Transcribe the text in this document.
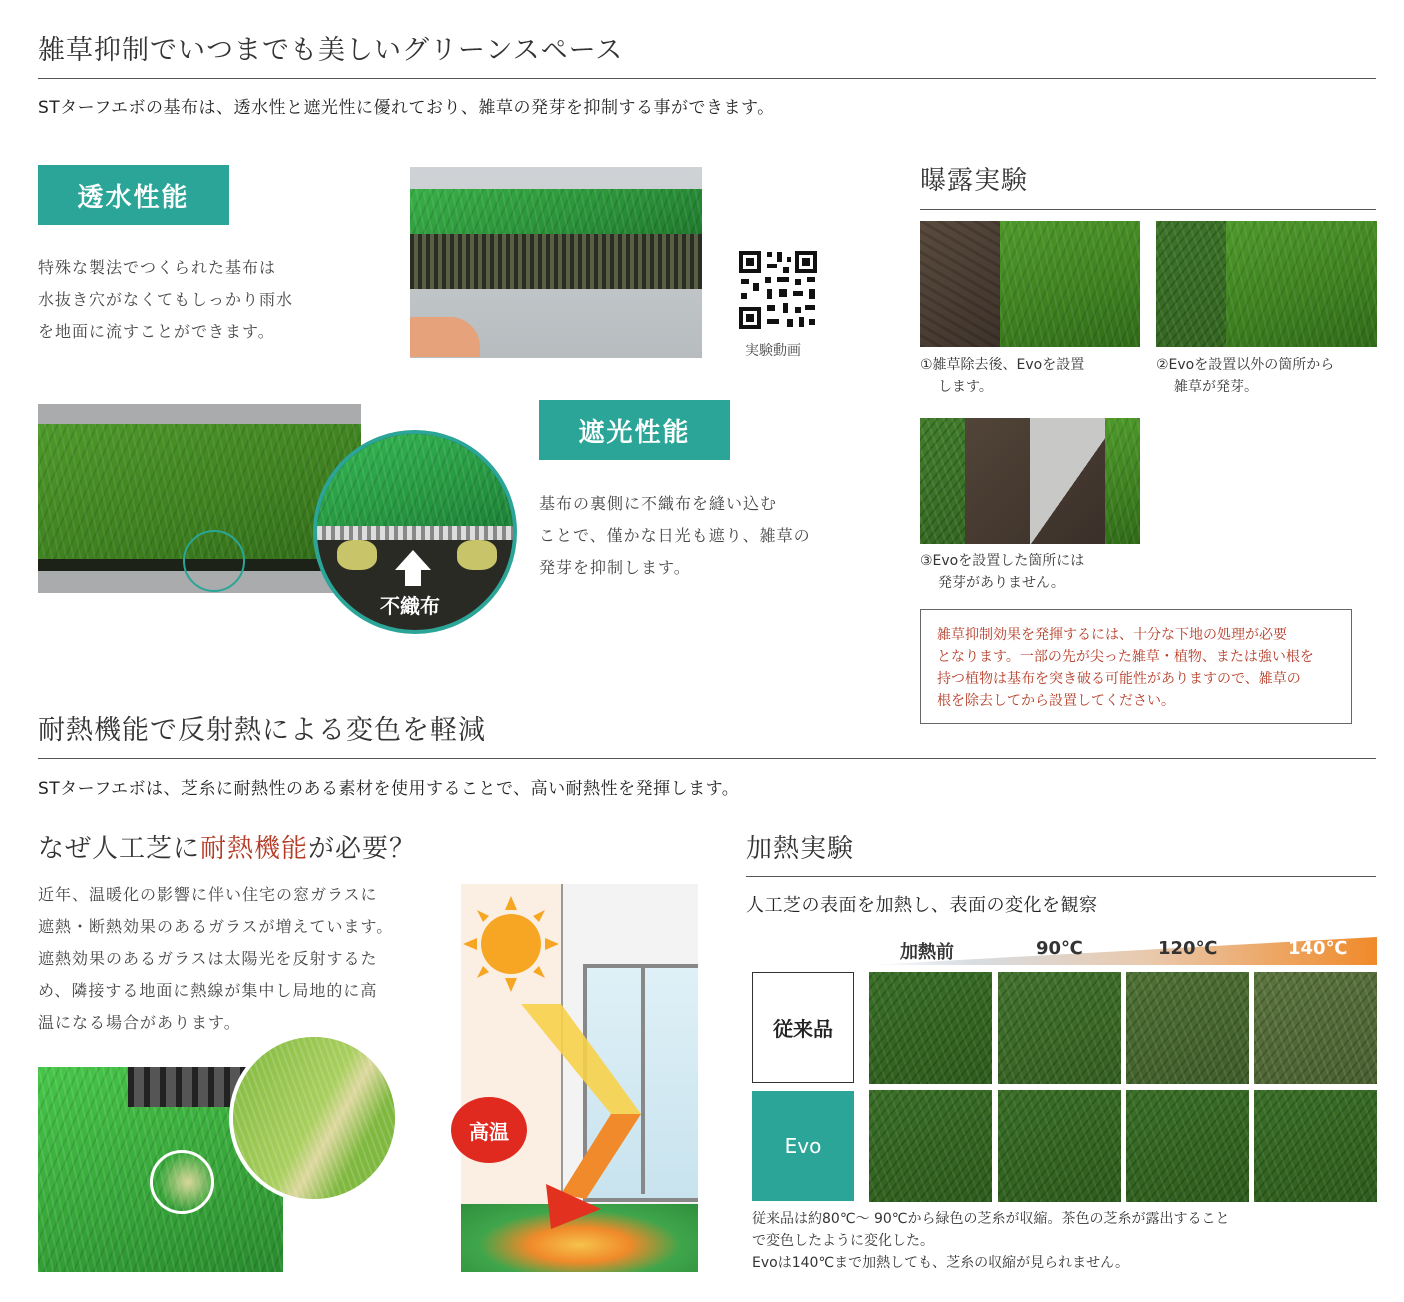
雑草抑制でいつまでも美しいグリーンスペース
STターフエボの基布は、透水性と遮光性に優れており、雑草の発芽を抑制する事ができます。
透水性能
特殊な製法でつくられた基布は
水抜き穴がなくてもしっかり雨水
を地面に流すことができます。
実験動画
不織布
遮光性能
基布の裏側に不織布を縫い込む
ことで、僅かな日光も遮り、雑草の
発芽を抑制します。
曝露実験
①雑草除去後、Evoを設置
します。
②Evoを設置以外の箇所から
雑草が発芽。
③Evoを設置した箇所には
発芽がありません。
雑草抑制効果を発揮するには、十分な下地の処理が必要
となります。一部の先が尖った雑草・植物、または強い根を
持つ植物は基布を突き破る可能性がありますので、雑草の
根を除去してから設置してください。
耐熱機能で反射熱による変色を軽減
STターフエボは、芝糸に耐熱性のある素材を使用することで、高い耐熱性を発揮します。
なぜ人工芝に耐熱機能が必要？
近年、温暖化の影響に伴い住宅の窓ガラスに
遮熱・断熱効果のあるガラスが増えています。
遮熱効果のあるガラスは太陽光を反射するた
め、隣接する地面に熱線が集中し局地的に高
温になる場合があります。
高温
加熱実験
人工芝の表面を加熱し、表面の変化を観察
加熱前	90℃	120℃	140℃
従来品
Evo
従来品は約80℃～ 90℃から緑色の芝糸が収縮。茶色の芝糸が露出すること
で変色したように変化した。
Evoは140℃まで加熱しても、芝糸の収縮が見られません。
